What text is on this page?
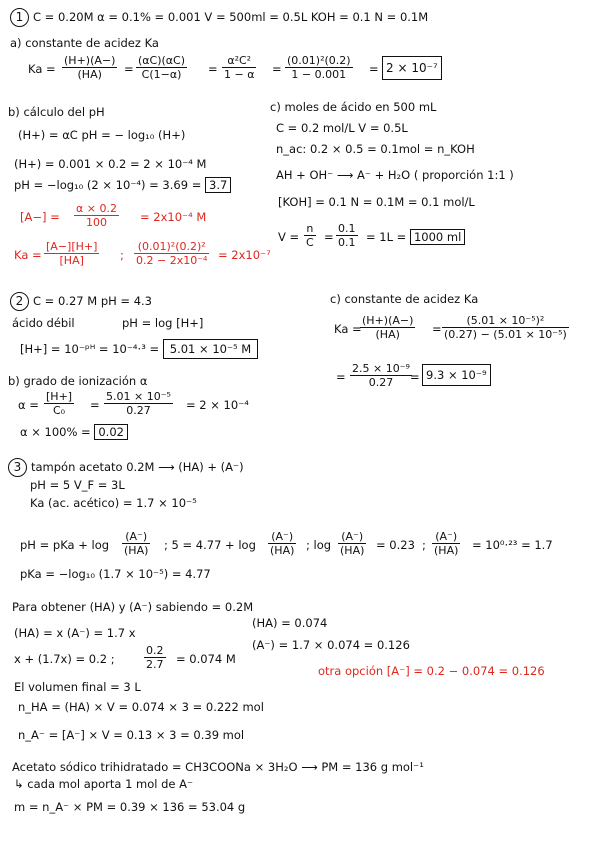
1 C = 0.20M α = 0.1% = 0.001 V = 500ml = 0.5L KOH = 0.1 N = 0.1M
a) constante de acidez Ka
$Ka = \frac{(H+)(A-)}{(HA)} = \frac{(\alpha C)(\alpha C)}{C(1-\alpha)} = \frac{\text{α²C²}}{1 - \alpha} = \frac{\text{(0.01)²(0.2)}}{1 - 0.001} = 2 \times 10^{-7}$
b) cálculo del pH
(H+) = αC pH = − log₁₀ (H+)
(H+) = 0.001 × 0.2 = 2 × 10⁻⁴ M
pH = −log₁₀ (2 × 10⁻⁴) = 3.69 = 3.7
$[A-] = \frac{\alpha \times 0.2}{100} = 2x10^{-4}$ M
$Ka = \frac{[A-][H+]}{[HA]}$ ; $\frac{\text{(0.01)²(0.2)²}}{\text{0.2 − 2x10⁻⁴}} = 2x10^{-7}$
c) moles de ácido en 500 mL
C = 0.2 mol/L V = 0.5L
n_ac: 0.2 × 0.5 = 0.1mol = n_KOH
AH + OH⁻ ⟶ A⁻ + H₂O ( proporción 1:1 )
[KOH] = 0.1 N = 0.1M = 0.1 mol/L
$V = \frac{n}{C} = \frac{0.1}{0.1} = 1L = 1000$ ml
2 C = 0.27 M pH = 4.3
ácido débil	pH = log [H+]
[H+] = 10⁻ᵖᴴ = 10⁻⁴·³ = 5.01 × 10⁻⁵ M
b) grado de ionización α
$\alpha = \frac{[H+]}{\text{C₀}} = \frac{\text{5.01 × 10⁻⁵}}{0.27} = 2 \times 10^{-4}$
α × 100% = 0.02
c) constante de acidez Ka
Ka =
$\frac{(H+)(A-)}{(HA)} = \frac{\text{(5.01 × 10⁻⁵)²}}{\text{(0.27) − (5.01 × 10⁻⁵)}}$
= $\frac{\text{2.5 × 10⁻⁹}}{0.27}$
= 9.3 × 10⁻⁹
3 tampón acetato 0.2M ⟶ (HA) + (A⁻)
pH = 5 V_F = 3L
Ka (ac. acético) = 1.7 × 10⁻⁵
pH = pKa + $\log \frac{(A^-)}{(HA)}$ ; $5 = 4.77 + \log \frac{(A^-)}{(HA)}$ ; $\log \frac{(A^-)}{(HA)} = 0.23$ ; $\frac{(A^-)}{(HA)} = 10^0\cdot^{23} = 1.7$
pKa = −log₁₀ (1.7 × 10⁻⁵) = 4.77
Para obtener (HA) y (A⁻) sabiendo = 0.2M
(HA) = x (A⁻) = 1.7 x
x + (1.7x) = 0.2 ;	$\frac{0.2}{2.7} = 0.074$ M
(HA) = 0.074
(A⁻) = 1.7 × 0.074 = 0.126
otra opción [A⁻] = 0.2 − 0.074 = 0.126
El volumen final = 3 L
n_HA = (HA) × V = 0.074 × 3 = 0.222 mol
n_A⁻ = [A⁻] × V = 0.13 × 3 = 0.39 mol
Acetato sódico trihidratado = CH3COONa × 3H₂O ⟶ PM = 136 g mol⁻¹
↳ cada mol aporta 1 mol de A⁻
m = n_A⁻ × PM = 0.39 × 136 = 53.04 g
